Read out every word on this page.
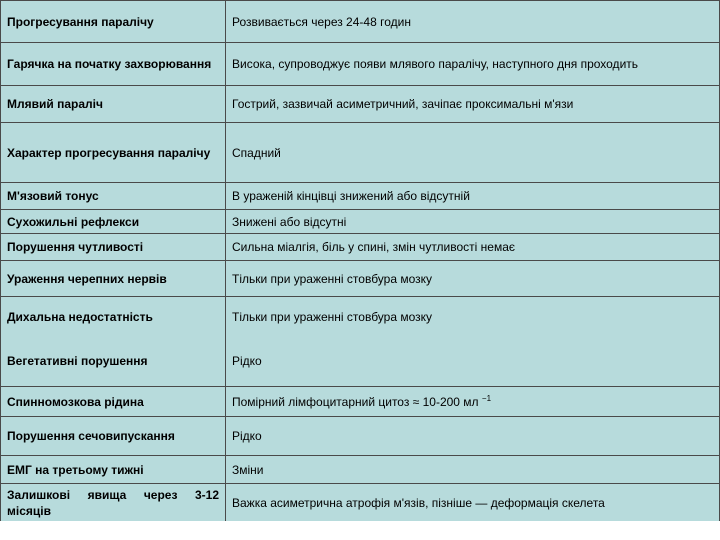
Прогресування паралічу	Розвивається через 24-48 годин
Гарячка на початку захворювання	Висока, супроводжує появи млявого паралічу, наступного дня проходить
Млявий параліч	Гострий, зазвичай асиметричний, зачіпає проксимальні м'язи
Характер прогресування паралічу	Спадний
М'язовий тонус	В ураженій кінцівці знижений або відсутній
Сухожильні рефлекси	Знижені або відсутні
Порушення чутливості	Сильна міалгія, біль у спині, змін чутливості немає
Ураження черепних нервів	Тільки при ураженні стовбура мозку
Дихальна недостатність	Тільки при ураженні стовбура мозку
Вегетативні порушення	Рідко
Спинномозкова рідина	Помірний лімфоцитарний цитоз ≈ 10-200 мл $^{-1}$
Порушення сечовипускання	Рідко
ЕМГ на третьому тижні	Зміни
Залишкові явища через 3-12 місяців	Важка асиметрична атрофія м'язів, пізніше — деформація скелета
